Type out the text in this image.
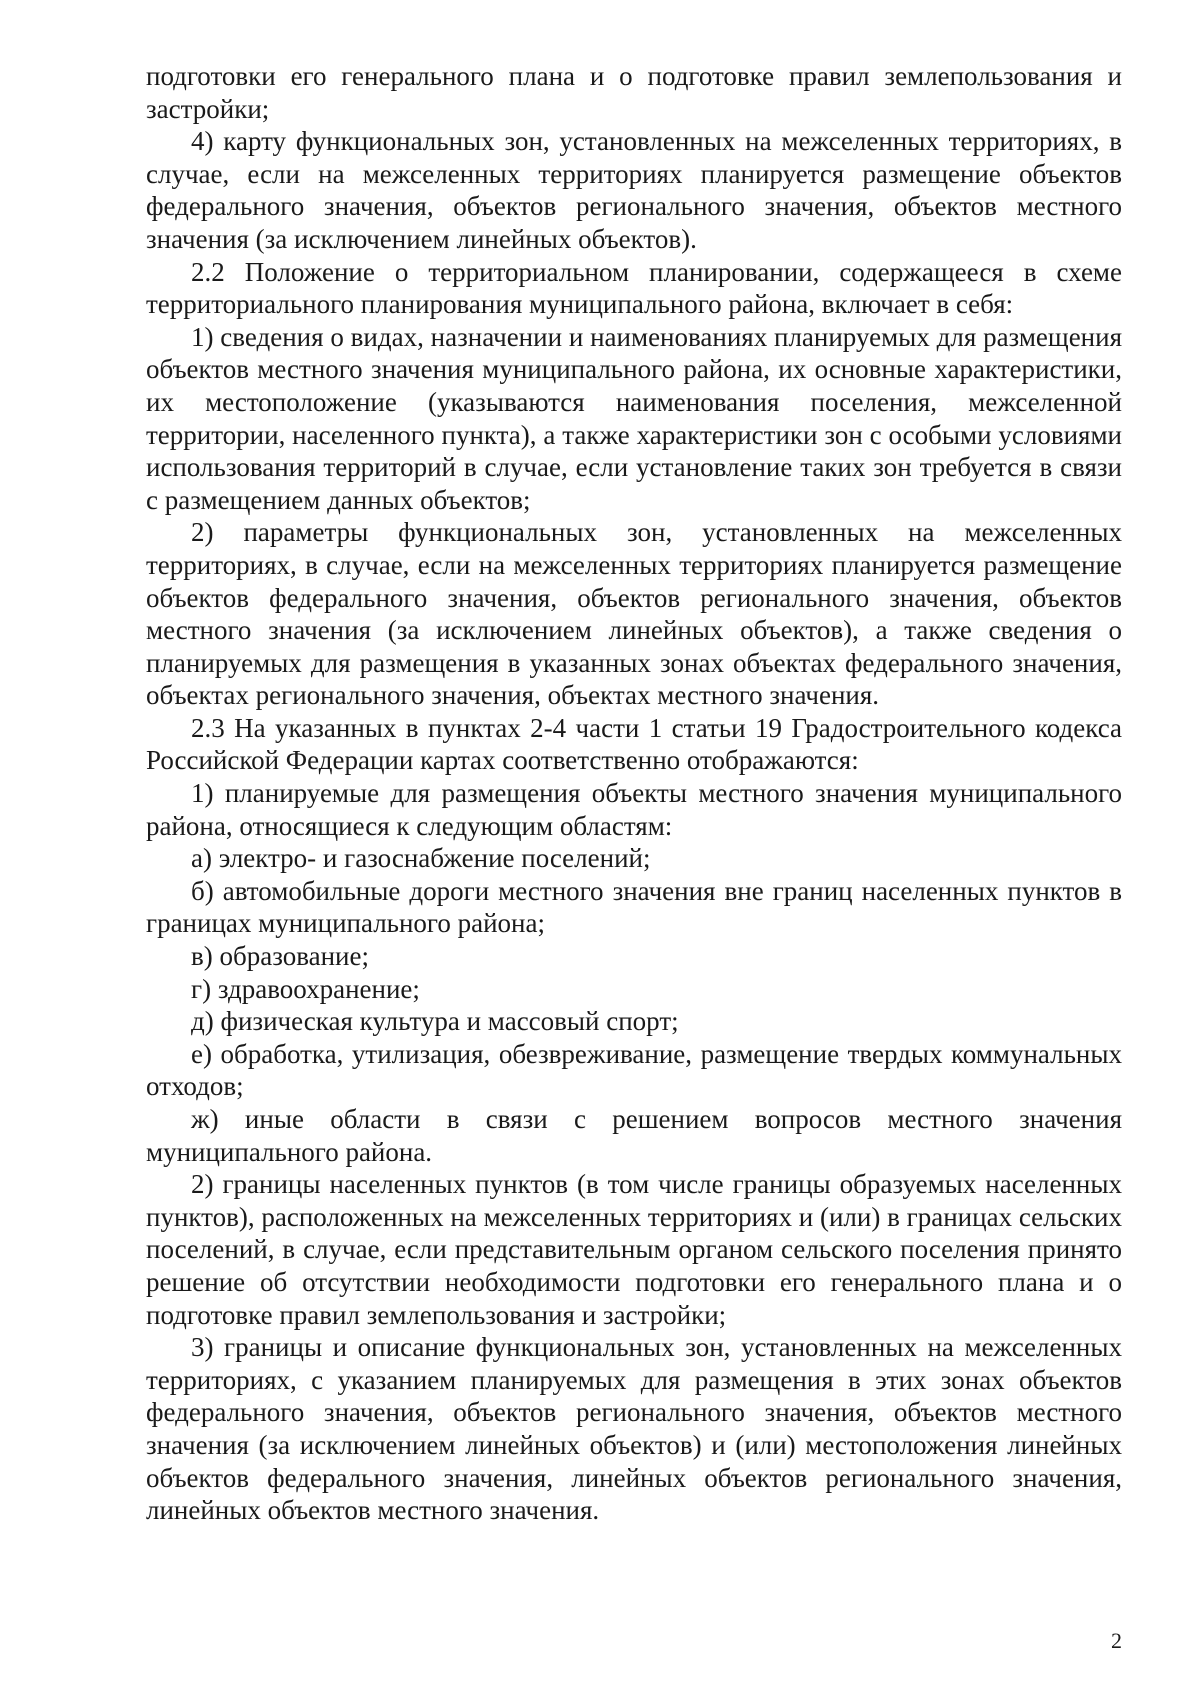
подготовки его генерального плана и о подготовке правил землепользования и застройки;

4) карту функциональных зон, установленных на межселенных территориях, в случае, если на межселенных территориях планируется размещение объектов федерального значения, объектов регионального значения, объектов местного значения (за исключением линейных объектов).

2.2 Положение о территориальном планировании, содержащееся в схеме территориального планирования муниципального района, включает в себя:

1) сведения о видах, назначении и наименованиях планируемых для размещения объектов местного значения муниципального района, их основные характеристики, их местоположение (указываются наименования поселения, межселенной территории, населенного пункта), а также характеристики зон с особыми условиями использования территорий в случае, если установление таких зон требуется в связи с размещением данных объектов;

2) параметры функциональных зон, установленных на межселенных территориях, в случае, если на межселенных территориях планируется размещение объектов федерального значения, объектов регионального значения, объектов местного значения (за исключением линейных объектов), а также сведения о планируемых для размещения в указанных зонах объектах федерального значения, объектах регионального значения, объектах местного значения.

2.3 На указанных в пунктах 2-4 части 1 статьи 19 Градостроительного кодекса Российской Федерации картах соответственно отображаются:

1) планируемые для размещения объекты местного значения муниципального района, относящиеся к следующим областям:

а) электро- и газоснабжение поселений;

б) автомобильные дороги местного значения вне границ населенных пунктов в границах муниципального района;

в) образование;

г) здравоохранение;

д) физическая культура и массовый спорт;

е) обработка, утилизация, обезвреживание, размещение твердых коммунальных отходов;

ж) иные области в связи с решением вопросов местного значения муниципального района.

2) границы населенных пунктов (в том числе границы образуемых населенных пунктов), расположенных на межселенных территориях и (или) в границах сельских поселений, в случае, если представительным органом сельского поселения принято решение об отсутствии необходимости подготовки его генерального плана и о подготовке правил землепользования и застройки;

3) границы и описание функциональных зон, установленных на межселенных территориях, с указанием планируемых для размещения в этих зонах объектов федерального значения, объектов регионального значения, объектов местного значения (за исключением линейных объектов) и (или) местоположения линейных объектов федерального значения, линейных объектов регионального значения, линейных объектов местного значения.

2
